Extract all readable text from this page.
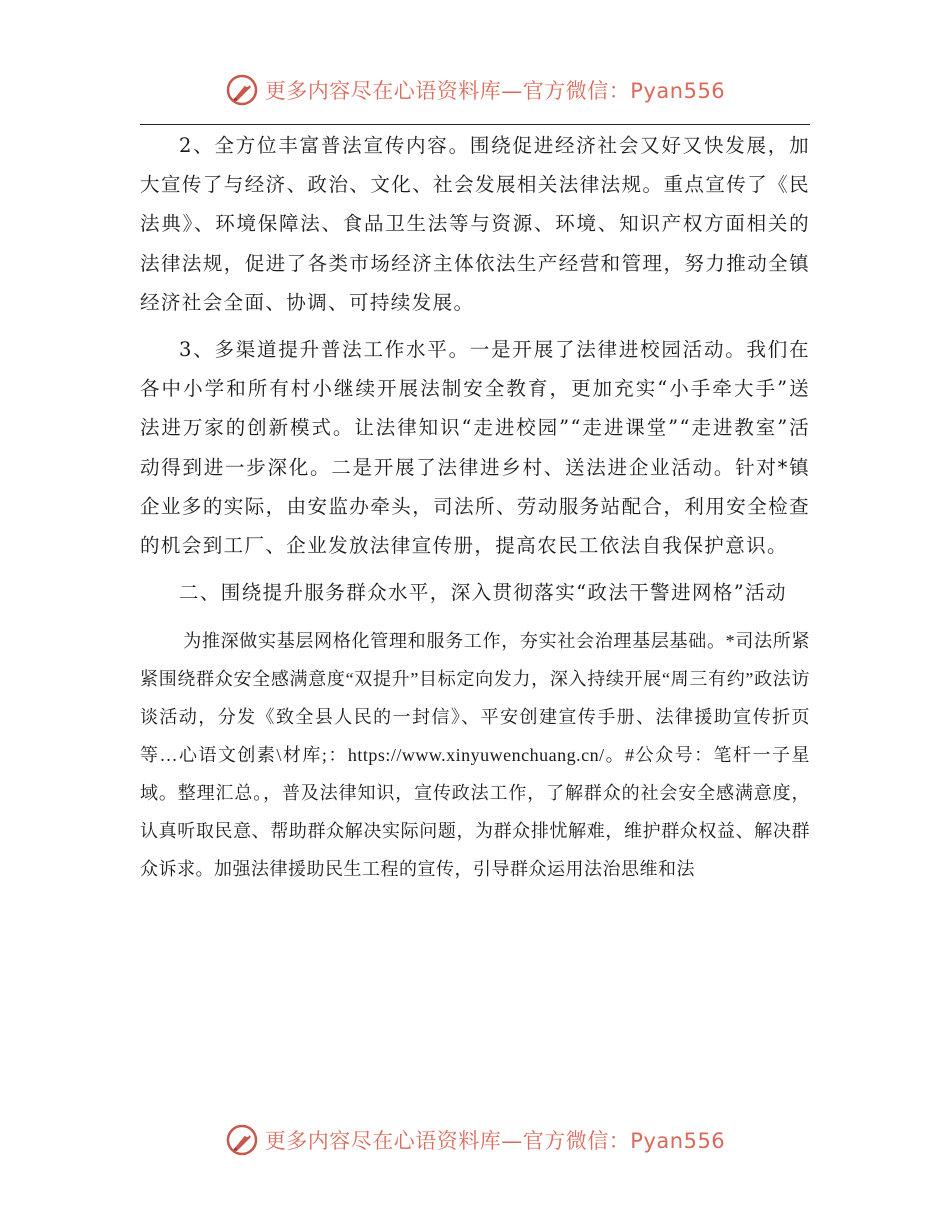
更多内容尽在心语资料库—官方微信：Pyan556

2、全方位丰富普法宣传内容。围绕促进经济社会又好又快发展，加大宣传了与经济、政治、文化、社会发展相关法律法规。重点宣传了《民法典》、环境保障法、食品卫生法等与资源、环境、知识产权方面相关的法律法规，促进了各类市场经济主体依法生产经营和管理，努力推动全镇经济社会全面、协调、可持续发展。

3、多渠道提升普法工作水平。一是开展了法律进校园活动。我们在各中小学和所有村小继续开展法制安全教育，更加充实“小手牵大手”送法进万家的创新模式。让法律知识“走进校园”“走进课堂”“走进教室”活动得到进一步深化。二是开展了法律进乡村、送法进企业活动。针对*镇企业多的实际，由安监办牵头，司法所、劳动服务站配合，利用安全检查的机会到工厂、企业发放法律宣传册，提高农民工依法自我保护意识。

二、围绕提升服务群众水平，深入贯彻落实“政法干警进网格”活动

为推深做实基层网格化管理和服务工作，夯实社会治理基层基础。*司法所紧紧围绕群众安全感满意度“双提升”目标定向发力，深入持续开展“周三有约”政法访谈活动，分发《致全县人民的一封信》、平安创建宣传手册、法律援助宣传折页等…心语文创素\材库;：https://www.xinyuwenchuang.cn/。#公众号：笔杆一子星域。整理汇总。，普及法律知识，宣传政法工作，了解群众的社会安全感满意度，认真听取民意、帮助群众解决实际问题，为群众排忧解难，维护群众权益、解决群众诉求。加强法律援助民生工程的宣传，引导群众运用法治思维和法

更多内容尽在心语资料库—官方微信：Pyan556
